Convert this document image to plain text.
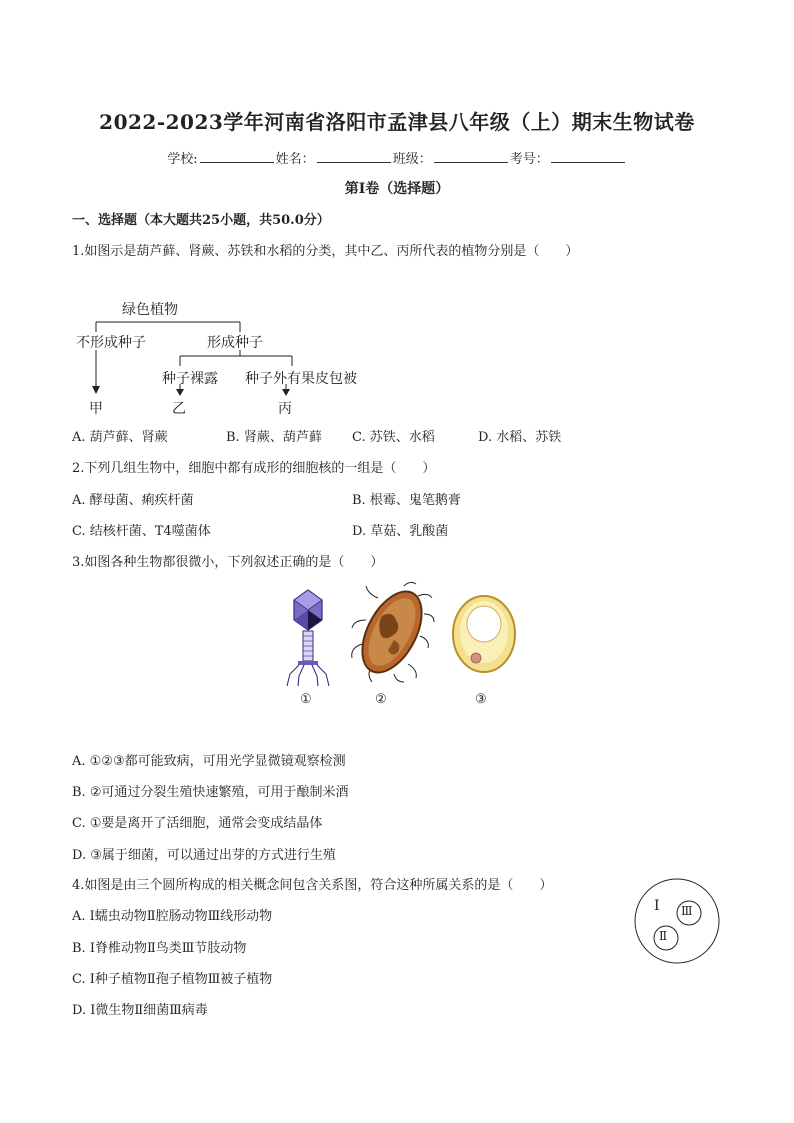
2022-2023学年河南省洛阳市孟津县八年级（上）期末生物试卷
学校:	姓名：	班级：	考号：
第I卷（选择题）
一、选择题（本大题共25小题，共50.0分）
1.如图示是葫芦藓、肾蕨、苏铁和水稻的分类，其中乙、丙所代表的植物分别是（　　）
绿色植物
不形成种子	形成种子
种子裸露 种子外有果皮包被
甲	乙	丙
A. 葫芦藓、肾蕨	B. 肾蕨、葫芦藓 C. 苏铁、水稻	D. 水稻、苏铁
2.下列几组生物中，细胞中都有成形的细胞核的一组是（　　）
A. 酵母菌、痢疾杆菌	B. 根霉、鬼笔鹅膏
C. 结核杆菌、T4噬菌体	D. 草菇、乳酸菌
3.如图各种生物都很微小，下列叙述正确的是（　　）
①	②	③
A. ①②③都可能致病，可用光学显微镜观察检测
B. ②可通过分裂生殖快速繁殖，可用于酿制米酒
C. ①要是离开了活细胞，通常会变成结晶体
D. ③属于细菌，可以通过出芽的方式进行生殖
4.如图是由三个圆所构成的相关概念间包含关系图，符合这种所属关系的是（　　）
A. Ⅰ蠕虫动物Ⅱ腔肠动物Ⅲ线形动物
B. Ⅰ脊椎动物Ⅱ鸟类Ⅲ节肢动物
C. Ⅰ种子植物Ⅱ孢子植物Ⅲ被子植物
D. Ⅰ微生物Ⅱ细菌Ⅲ病毒
Ⅰ
Ⅱ
Ⅲ
